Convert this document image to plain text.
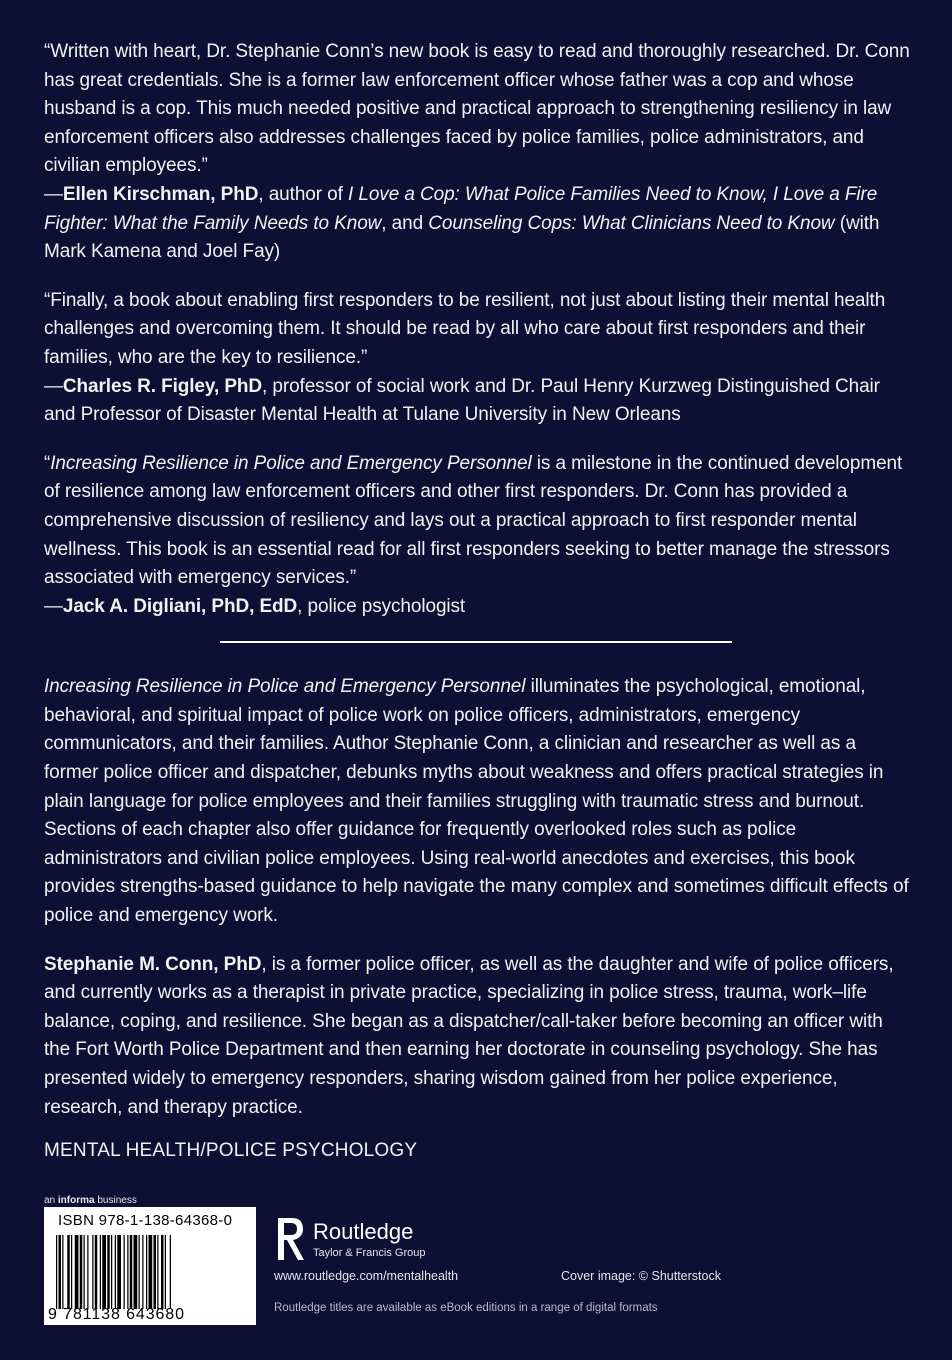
“Written with heart, Dr. Stephanie Conn’s new book is easy to read and thoroughly researched. Dr. Conn has great credentials. She is a former law enforcement officer whose father was a cop and whose husband is a cop. This much needed positive and practical approach to strengthening resiliency in law enforcement officers also addresses challenges faced by police families, police administrators, and civilian employees.”
—Ellen Kirschman, PhD, author of I Love a Cop: What Police Families Need to Know, I Love a Fire Fighter: What the Family Needs to Know, and Counseling Cops: What Clinicians Need to Know (with Mark Kamena and Joel Fay)

“Finally, a book about enabling first responders to be resilient, not just about listing their mental health challenges and overcoming them. It should be read by all who care about first responders and their families, who are the key to resilience.”
—Charles R. Figley, PhD, professor of social work and Dr. Paul Henry Kurzweg Distinguished Chair and Professor of Disaster Mental Health at Tulane University in New Orleans

“Increasing Resilience in Police and Emergency Personnel is a milestone in the continued development of resilience among law enforcement officers and other first responders. Dr. Conn has provided a comprehensive discussion of resiliency and lays out a practical approach to first responder mental wellness. This book is an essential read for all first responders seeking to better manage the stressors associated with emergency services.”
—Jack A. Digliani, PhD, EdD, police psychologist

Increasing Resilience in Police and Emergency Personnel illuminates the psychological, emotional, behavioral, and spiritual impact of police work on police officers, administrators, emergency communicators, and their families. Author Stephanie Conn, a clinician and researcher as well as a former police officer and dispatcher, debunks myths about weakness and offers practical strategies in plain language for police employees and their families struggling with traumatic stress and burnout. Sections of each chapter also offer guidance for frequently overlooked roles such as police administrators and civilian police employees. Using real-world anecdotes and exercises, this book provides strengths-based guidance to help navigate the many complex and sometimes difficult effects of police and emergency work.

Stephanie M. Conn, PhD, is a former police officer, as well as the daughter and wife of police officers, and currently works as a therapist in private practice, specializing in police stress, trauma, work–life balance, coping, and resilience. She began as a dispatcher/call-taker before becoming an officer with the Fort Worth Police Department and then earning her doctorate in counseling psychology. She has presented widely to emergency responders, sharing wisdom gained from her police experience, research, and therapy practice.

MENTAL HEALTH/POLICE PSYCHOLOGY
an informa business
ISBN 978-1-138-64368-0
9 781138 643680
Routledge
Taylor & Francis Group
www.routledge.com/mentalhealth	Cover image: © Shutterstock
Routledge titles are available as eBook editions in a range of digital formats
